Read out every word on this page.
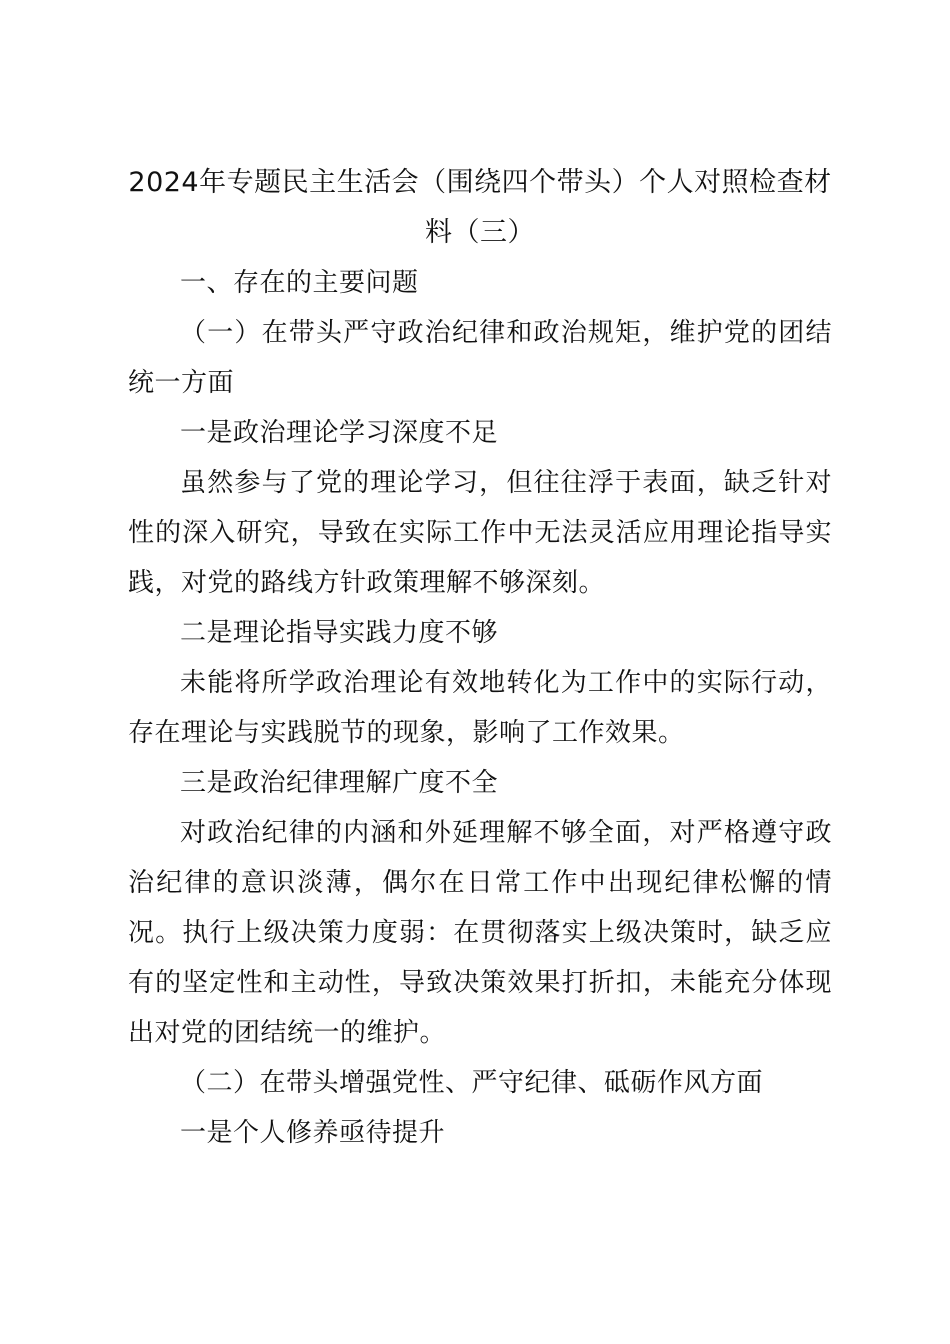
2024年专题民主生活会（围绕四个带头）个人对照检查材料（三）

一、存在的主要问题

（一）在带头严守政治纪律和政治规矩，维护党的团结统一方面

一是政治理论学习深度不足

虽然参与了党的理论学习，但往往浮于表面，缺乏针对性的深入研究，导致在实际工作中无法灵活应用理论指导实践，对党的路线方针政策理解不够深刻。

二是理论指导实践力度不够

未能将所学政治理论有效地转化为工作中的实际行动，存在理论与实践脱节的现象，影响了工作效果。

三是政治纪律理解广度不全

对政治纪律的内涵和外延理解不够全面，对严格遵守政治纪律的意识淡薄，偶尔在日常工作中出现纪律松懈的情况。执行上级决策力度弱：在贯彻落实上级决策时，缺乏应有的坚定性和主动性，导致决策效果打折扣，未能充分体现出对党的团结统一的维护。

（二）在带头增强党性、严守纪律、砥砺作风方面

一是个人修养亟待提升
